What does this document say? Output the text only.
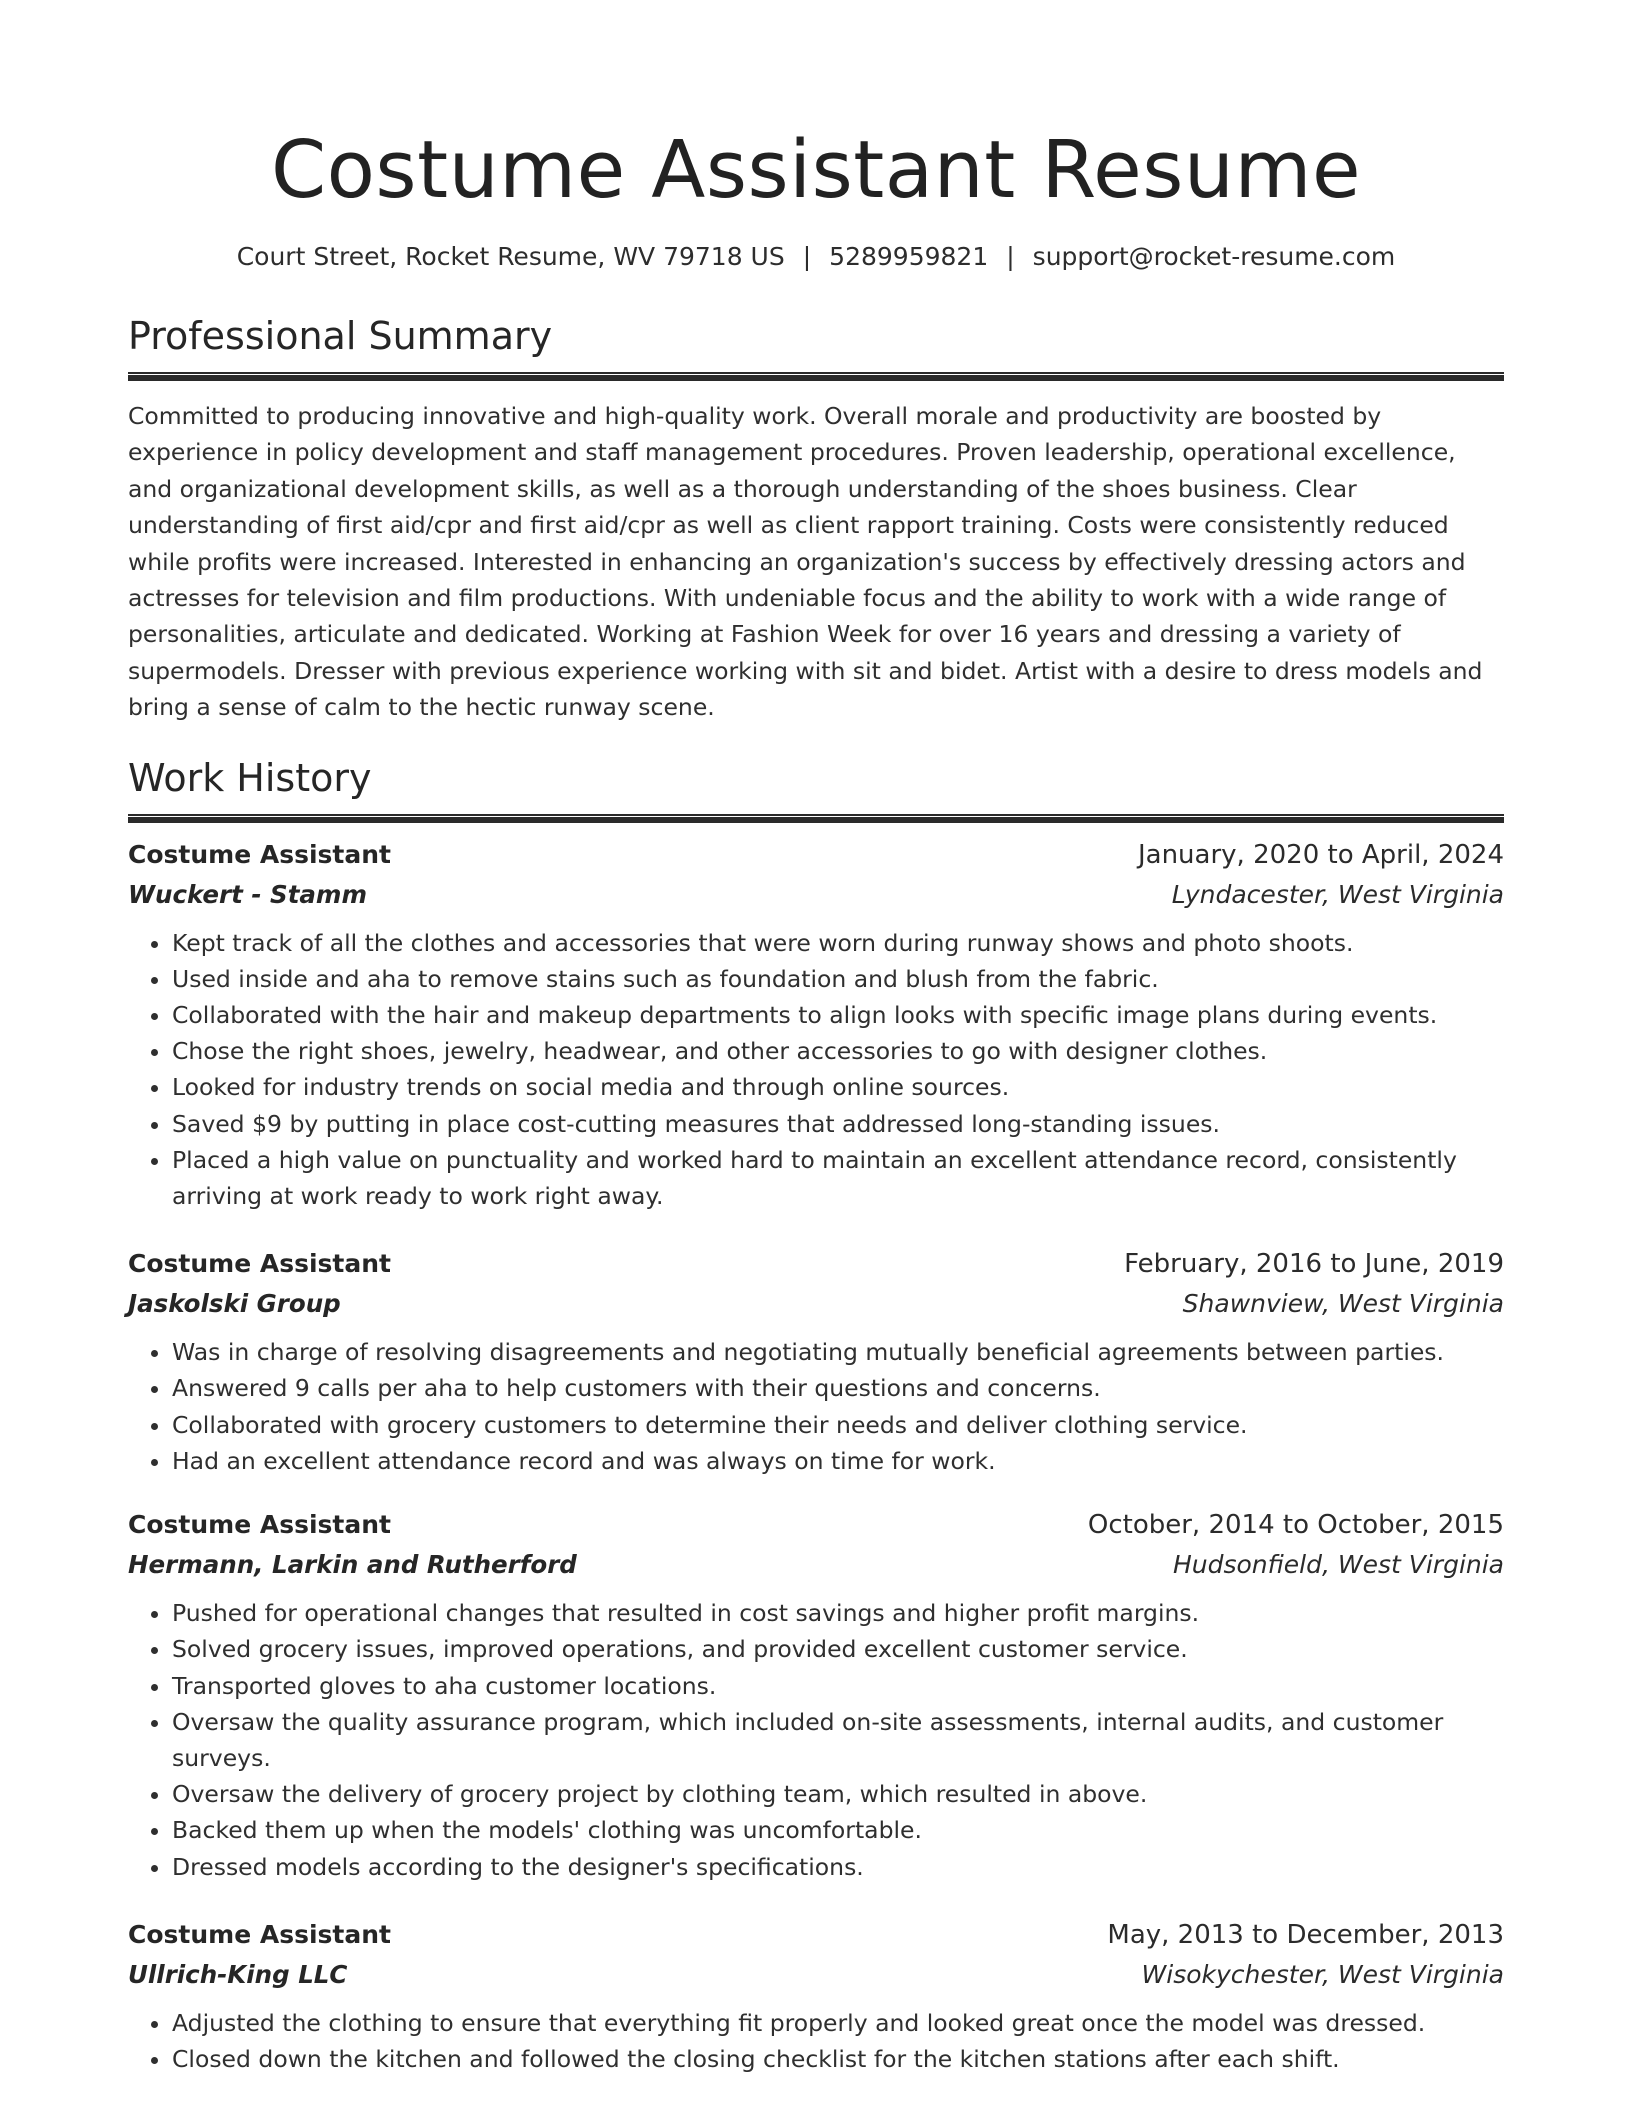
Costume Assistant Resume
Court Street, Rocket Resume, WV 79718 US | 5289959821 | support@rocket-resume.com
Professional Summary

Committed to producing innovative and high-quality work. Overall morale and productivity are boosted by experience in policy development and staff management procedures. Proven leadership, operational excellence, and organizational development skills, as well as a thorough understanding of the shoes business. Clear understanding of first aid/cpr and first aid/cpr as well as client rapport training. Costs were consistently reduced while profits were increased. Interested in enhancing an organization's success by effectively dressing actors and actresses for television and film productions. With undeniable focus and the ability to work with a wide range of personalities, articulate and dedicated. Working at Fashion Week for over 16 years and dressing a variety of supermodels. Dresser with previous experience working with sit and bidet. Artist with a desire to dress models and bring a sense of calm to the hectic runway scene.

Work History
Costume Assistant	January, 2020 to April, 2024
Wuckert - Stamm	Lyndacester, West Virginia
• Kept track of all the clothes and accessories that were worn during runway shows and photo shoots.
• Used inside and aha to remove stains such as foundation and blush from the fabric.
• Collaborated with the hair and makeup departments to align looks with specific image plans during events.
• Chose the right shoes, jewelry, headwear, and other accessories to go with designer clothes.
• Looked for industry trends on social media and through online sources.
• Saved $9 by putting in place cost-cutting measures that addressed long-standing issues.
• Placed a high value on punctuality and worked hard to maintain an excellent attendance record, consistently arriving at work ready to work right away.
Costume Assistant	February, 2016 to June, 2019
Jaskolski Group	Shawnview, West Virginia
• Was in charge of resolving disagreements and negotiating mutually beneficial agreements between parties.
• Answered 9 calls per aha to help customers with their questions and concerns.
• Collaborated with grocery customers to determine their needs and deliver clothing service.
• Had an excellent attendance record and was always on time for work.
Costume Assistant	October, 2014 to October, 2015
Hermann, Larkin and Rutherford	Hudsonfield, West Virginia
• Pushed for operational changes that resulted in cost savings and higher profit margins.
• Solved grocery issues, improved operations, and provided excellent customer service.
• Transported gloves to aha customer locations.
• Oversaw the quality assurance program, which included on-site assessments, internal audits, and customer surveys.
• Oversaw the delivery of grocery project by clothing team, which resulted in above.
• Backed them up when the models' clothing was uncomfortable.
• Dressed models according to the designer's specifications.
Costume Assistant	May, 2013 to December, 2013
Ullrich-King LLC	Wisokychester, West Virginia
• Adjusted the clothing to ensure that everything fit properly and looked great once the model was dressed.
• Closed down the kitchen and followed the closing checklist for the kitchen stations after each shift.
